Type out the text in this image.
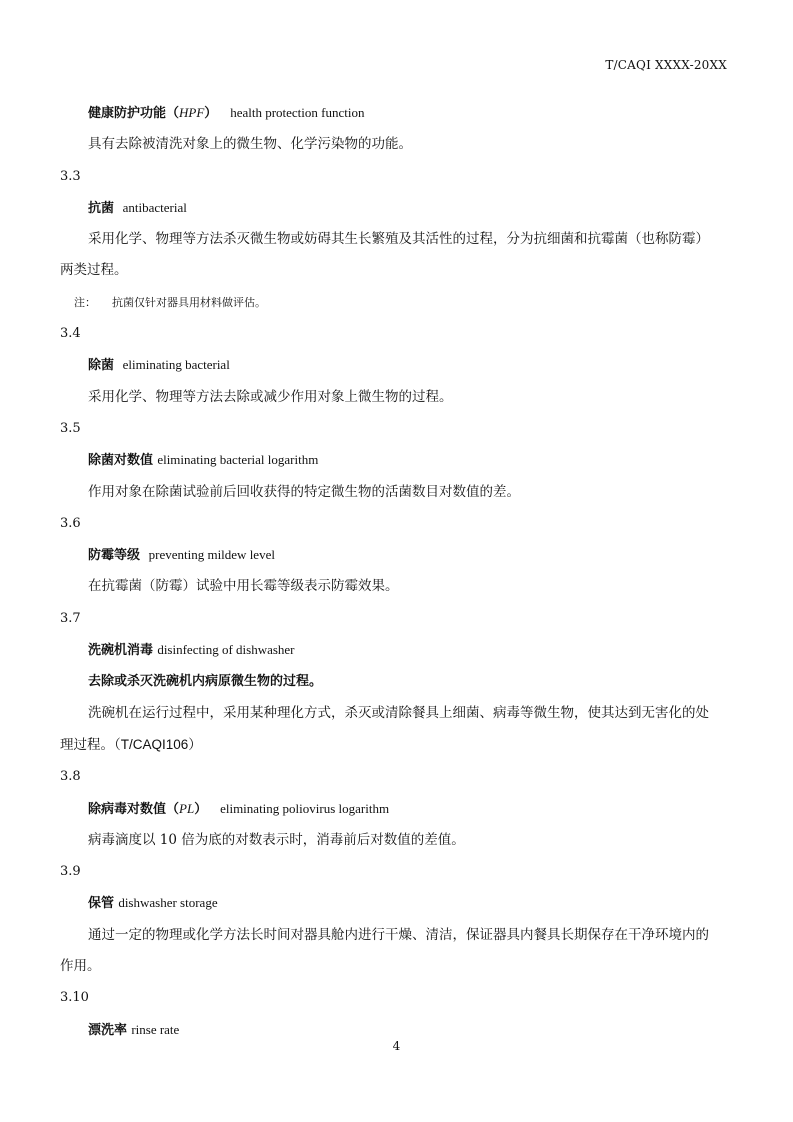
T/CAQI XXXX-20XX
健康防护功能（HPF） health protection function
具有去除被清洗对象上的微生物、化学污染物的功能。
3.3
抗菌 antibacterial
采用化学、物理等方法杀灭微生物或妨碍其生长繁殖及其活性的过程，分为抗细菌和抗霉菌（也称防霉）
两类过程。
注： 抗菌仅针对器具用材料做评估。
3.4
除菌 eliminating bacterial
采用化学、物理等方法去除或减少作用对象上微生物的过程。
3.5
除菌对数值 eliminating bacterial logarithm
作用对象在除菌试验前后回收获得的特定微生物的活菌数目对数值的差。
3.6
防霉等级 preventing mildew level
在抗霉菌（防霉）试验中用长霉等级表示防霉效果。
3.7
洗碗机消毒 disinfecting of dishwasher
去除或杀灭洗碗机内病原微生物的过程。
洗碗机在运行过程中，采用某种理化方式，杀灭或清除餐具上细菌、病毒等微生物，使其达到无害化的处
理过程。（T/CAQI106）
3.8
除病毒对数值（PL） eliminating poliovirus logarithm
病毒滴度以 10 倍为底的对数表示时，消毒前后对数值的差值。
3.9
保管 dishwasher storage
通过一定的物理或化学方法长时间对器具舱内进行干燥、清洁，保证器具内餐具长期保存在干净环境内的
作用。
3.10
漂洗率 rinse rate
4
